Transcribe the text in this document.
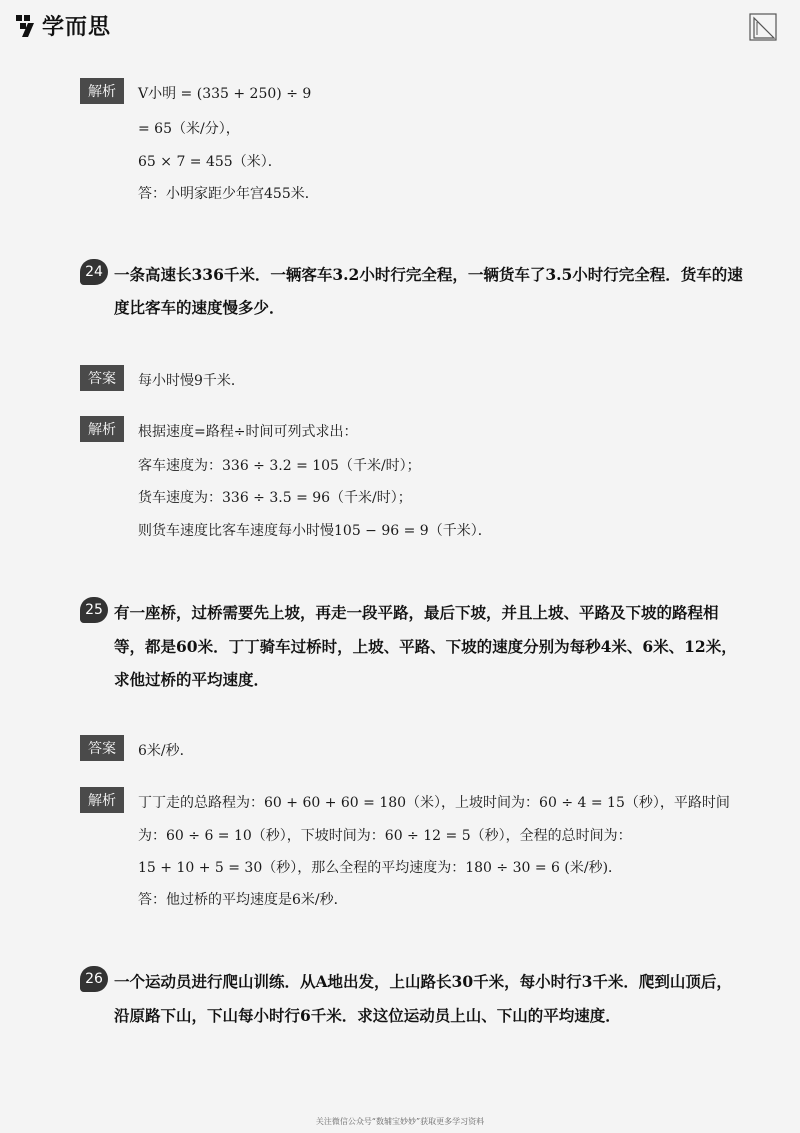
学而思
解析	V小明 = (335 + 250) ÷ 9
= 65（米/分），
65 × 7 = 455（米）．
答：小明家距少年宫455米．
24 一条高速长336千米．一辆客车3.2小时行完全程，一辆货车了3.5小时行完全程．货车的速
度比客车的速度慢多少．
答案	每小时慢9千米．
解析	根据速度=路程÷时间可列式求出：
客车速度为：336 ÷ 3.2 = 105（千米/时）；
货车速度为：336 ÷ 3.5 = 96（千米/时）；
则货车速度比客车速度每小时慢105 − 96 = 9（千米）．
25 有一座桥，过桥需要先上坡，再走一段平路，最后下坡，并且上坡、平路及下坡的路程相
等，都是60米．丁丁骑车过桥时，上坡、平路、下坡的速度分别为每秒4米、6米、12米，
求他过桥的平均速度．
答案	6米/秒．
解析	丁丁走的总路程为：60 + 60 + 60 = 180（米），上坡时间为：60 ÷ 4 = 15（秒），平路时间
为：60 ÷ 6 = 10（秒），下坡时间为：60 ÷ 12 = 5（秒），全程的总时间为：
15 + 10 + 5 = 30（秒），那么全程的平均速度为：180 ÷ 30 = 6 (米/秒)．
答：他过桥的平均速度是6米/秒．
26 一个运动员进行爬山训练．从A地出发，上山路长30千米，每小时行3千米．爬到山顶后，
沿原路下山，下山每小时行6千米．求这位运动员上山、下山的平均速度．
关注微信公众号“数辅宝妙妙”获取更多学习资料
